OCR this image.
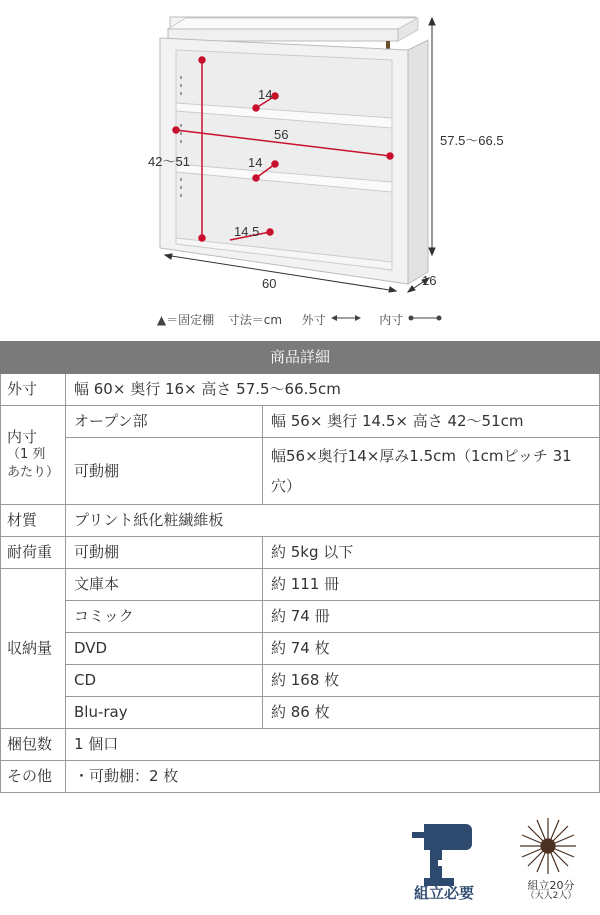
14
56
42～51	14
14.5
60
57.5～66.5
16
▲＝固定棚 寸法＝cm 外寸	内寸
商品詳細		
外寸	幅 60× 奥行 16× 高さ 57.5～66.5cm	
内寸
（1 列
あたり）	オープン部	幅 56× 奥行 14.5× 高さ 42～51cm
	可動棚	幅56×奥行14×厚み1.5cm（1cmピッチ 31 穴）
材質	プリント紙化粧繊維板	
耐荷重	可動棚	約 5kg 以下
収納量	文庫本	約 111 冊
	コミック	約 74 冊
	DVD	約 74 枚
	CD	約 168 枚
	Blu-ray	約 86 枚
梱包数	1 個口	
その他	・可動棚：2 枚	
組立必要	組立20分
（大人2人）
